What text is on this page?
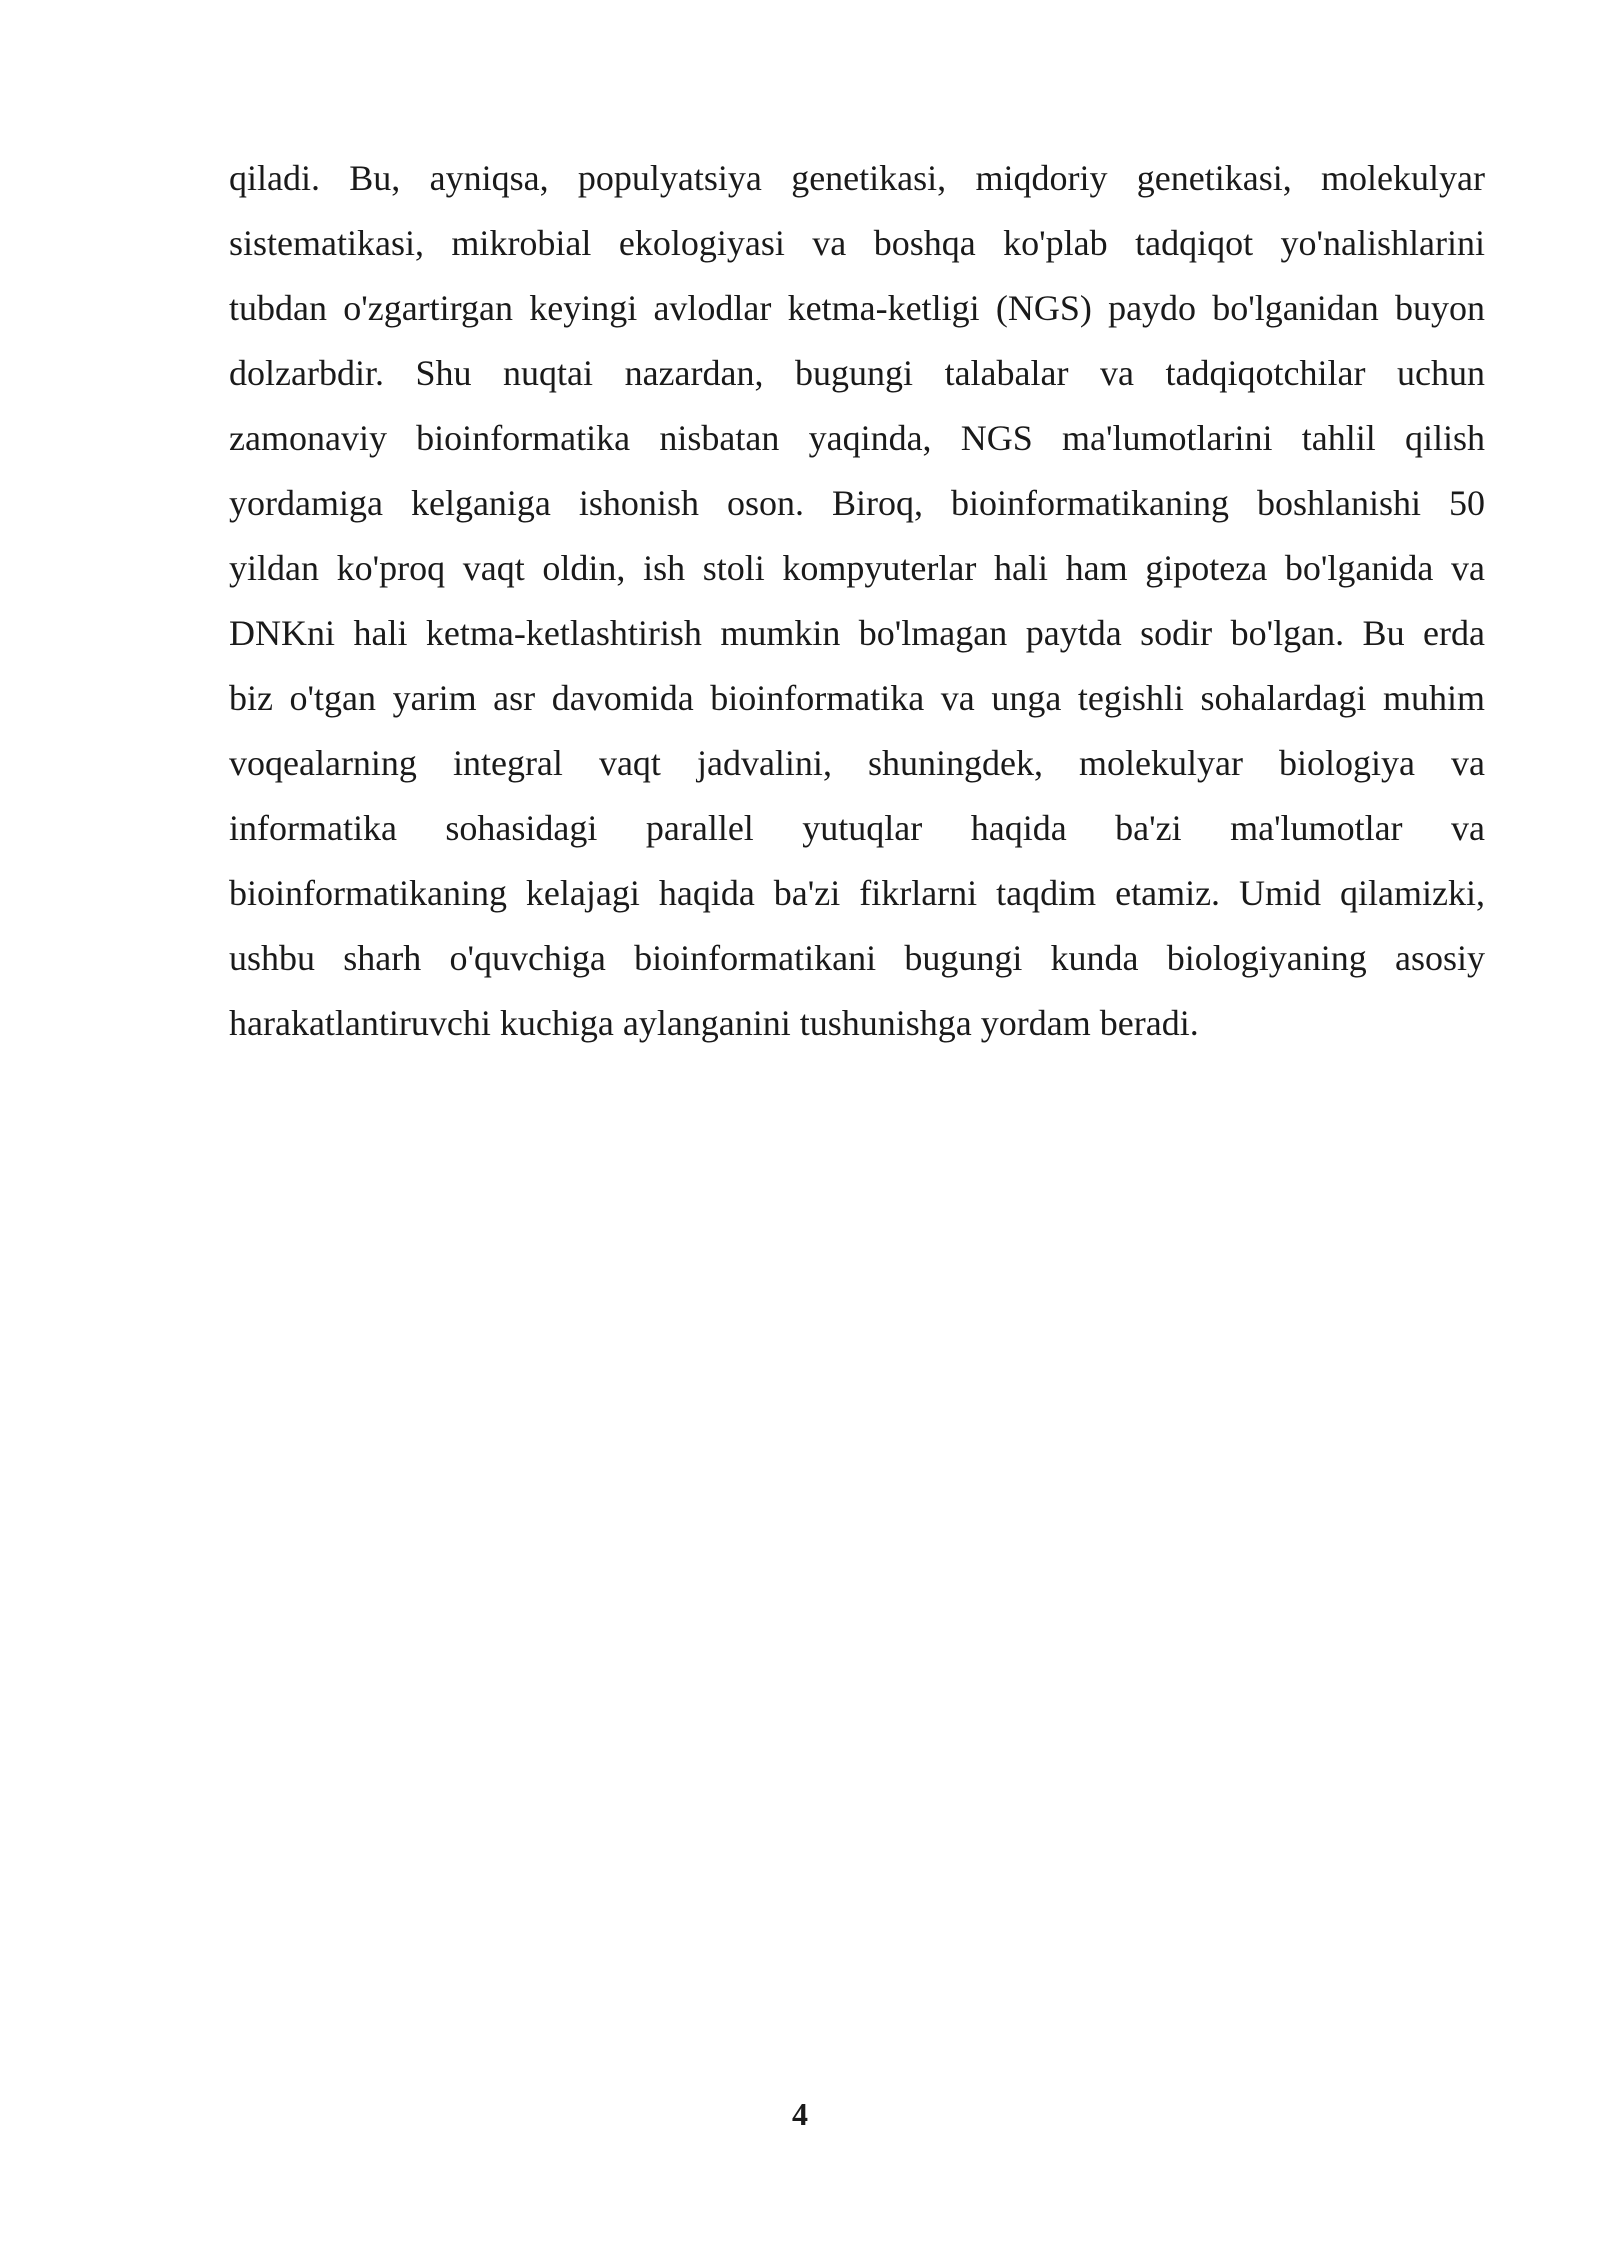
qiladi. Bu, ayniqsa, populyatsiya genetikasi, miqdoriy genetikasi, molekulyar
sistematikasi, mikrobial ekologiyasi va boshqa ko'plab tadqiqot yo'nalishlarini
tubdan o'zgartirgan keyingi avlodlar ketma-ketligi (NGS) paydo bo'lganidan buyon
dolzarbdir. Shu nuqtai nazardan, bugungi talabalar va tadqiqotchilar uchun
zamonaviy bioinformatika nisbatan yaqinda, NGS ma'lumotlarini tahlil qilish
yordamiga kelganiga ishonish oson. Biroq, bioinformatikaning boshlanishi 50
yildan ko'proq vaqt oldin, ish stoli kompyuterlar hali ham gipoteza bo'lganida va
DNKni hali ketma-ketlashtirish mumkin bo'lmagan paytda sodir bo'lgan. Bu erda
biz o'tgan yarim asr davomida bioinformatika va unga tegishli sohalardagi muhim
voqealarning integral vaqt jadvalini, shuningdek, molekulyar biologiya va
informatika sohasidagi parallel yutuqlar haqida ba'zi ma'lumotlar va
bioinformatikaning kelajagi haqida ba'zi fikrlarni taqdim etamiz. Umid qilamizki,
ushbu sharh o'quvchiga bioinformatikani bugungi kunda biologiyaning asosiy
harakatlantiruvchi kuchiga aylanganini tushunishga yordam beradi.

4
